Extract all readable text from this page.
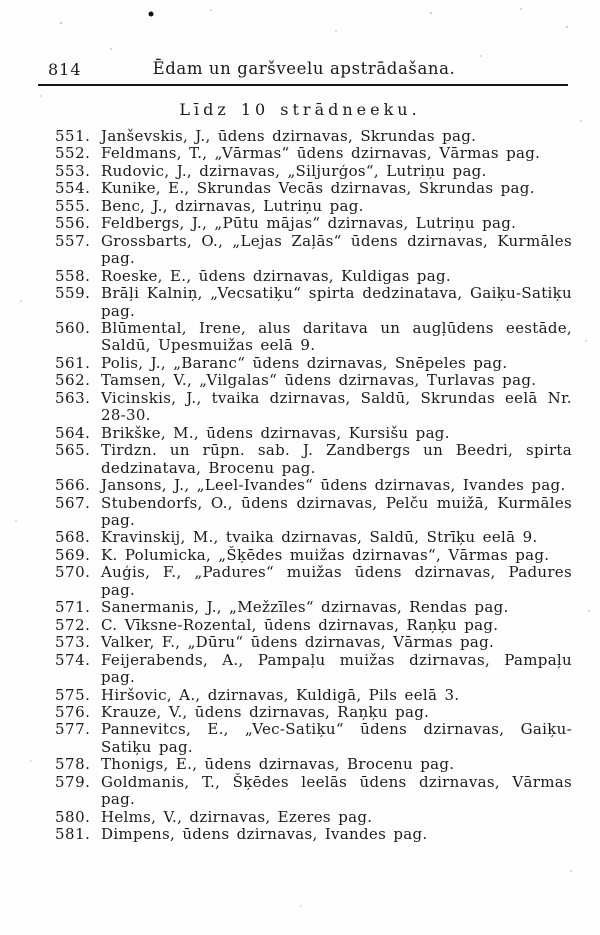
814	Ēdam un garšveelu apstrādašana.
Līdz 10 strādneeku.
551. Janševskis, J., ūdens dzirnavas, Skrundas pag.
552. Feldmans, T., „Vārmas“ ūdens dzirnavas, Vārmas pag.
553. Rudovic, J., dzirnavas, „Siljurģos“, Lutriņu pag.
554. Kunike, E., Skrundas Vecās dzirnavas, Skrundas pag.
555. Benc, J., dzirnavas, Lutriņu pag.
556. Feldbergs, J., „Pūtu mājas“ dzirnavas, Lutriņu pag.
557. Grossbarts, O., „Lejas Zaļās“ ūdens dzirnavas, Kurmāles pag.
558. Roeske, E., ūdens dzirnavas, Kuldigas pag.
559. Brāļi Kalniņ, „Vecsatiķu“ spirta dedzinatava, Gaiķu-Satiķu pag.
560. Blūmental, Irene, alus daritava un augļūdens eestāde, Saldū, Upesmuižas eelā 9.
561. Polis, J., „Baranc“ ūdens dzirnavas, Snēpeles pag.
562. Tamsen, V., „Vilgalas“ ūdens dzirnavas, Turlavas pag.
563. Vicinskis, J., tvaika dzirnavas, Saldū, Skrundas eelā Nr. 28-30.
564. Brikške, M., ūdens dzirnavas, Kursišu pag.
565. Tirdzn. un rūpn. sab. J. Zandbergs un Beedri, spirta dedzinatava, Brocenu pag.
566. Jansons, J., „Leel-Ivandes“ ūdens dzirnavas, Ivandes pag.
567. Stubendorfs, O., ūdens dzirnavas, Pelču muižā, Kurmāles pag.
568. Kravinskij, M., tvaika dzirnavas, Saldū, Strīķu eelā 9.
569. K. Polumicka, „Šķēdes muižas dzirnavas“, Vārmas pag.
570. Auģis, F., „Padures“ muižas ūdens dzirnavas, Padures pag.
571. Sanermanis, J., „Mežzīles“ dzirnavas, Rendas pag.
572. C. Vīksne-Rozental, ūdens dzirnavas, Raņķu pag.
573. Valker, F., „Dūru“ ūdens dzirnavas, Vārmas pag.
574. Feijerabends, A., Pampaļu muižas dzirnavas, Pampaļu pag.
575. Hiršovic, A., dzirnavas, Kuldigā, Pils eelā 3.
576. Krauze, V., ūdens dzirnavas, Raņķu pag.
577. Pannevitcs, E., „Vec-Satiķu“ ūdens dzirnavas, Gaiķu-Satiķu pag.
578. Thonigs, E., ūdens dzirnavas, Brocenu pag.
579. Goldmanis, T., Šķēdes leelās ūdens dzirnavas, Vārmas pag.
580. Helms, V., dzirnavas, Ezeres pag.
581. Dimpens, ūdens dzirnavas, Ivandes pag.
